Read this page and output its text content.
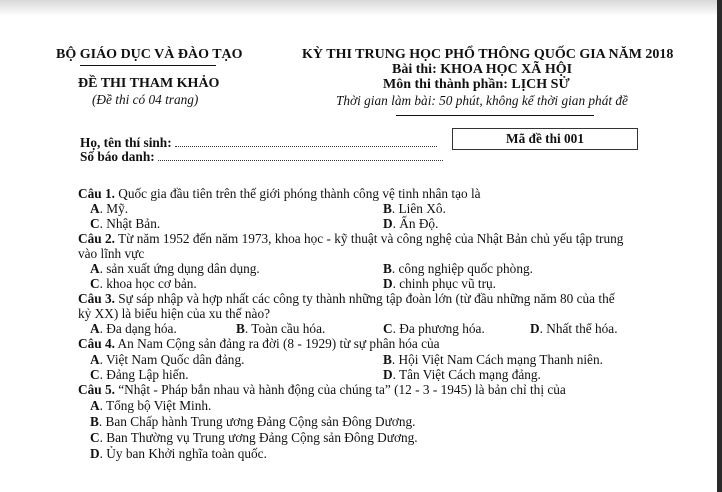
BỘ GIÁO DỤC VÀ ĐÀO TẠO
ĐỀ THI THAM KHẢO
(Đề thi có 04 trang)
KỲ THI TRUNG HỌC PHỔ THÔNG QUỐC GIA NĂM 2018
Bài thi: KHOA HỌC XÃ HỘI
Môn thi thành phần: LỊCH SỬ
Thời gian làm bài: 50 phút, không kể thời gian phát đề
Họ, tên thí sinh:
Số báo danh:
Mã đề thi 001
Câu 1. Quốc gia đầu tiên trên thế giới phóng thành công vệ tinh nhân tạo là
A. Mỹ.	B. Liên Xô.
C. Nhật Bản.	D. Ấn Độ.
Câu 2. Từ năm 1952 đến năm 1973, khoa học - kỹ thuật và công nghệ của Nhật Bản chủ yếu tập trung
vào lĩnh vực
A. sản xuất ứng dụng dân dụng.	B. công nghiệp quốc phòng.
C. khoa học cơ bản.	D. chinh phục vũ trụ.
Câu 3. Sự sáp nhập và hợp nhất các công ty thành những tập đoàn lớn (từ đầu những năm 80 của thế
kỷ XX) là biểu hiện của xu thế nào?
A. Đa dạng hóa.	B. Toàn cầu hóa.	C. Đa phương hóa.	D. Nhất thể hóa.
Câu 4. An Nam Cộng sản đảng ra đời (8 - 1929) từ sự phân hóa của
A. Việt Nam Quốc dân đảng.	B. Hội Việt Nam Cách mạng Thanh niên.
C. Đảng Lập hiến.	D. Tân Việt Cách mạng đảng.
Câu 5. “Nhật - Pháp bắn nhau và hành động của chúng ta” (12 - 3 - 1945) là bản chỉ thị của
A. Tổng bộ Việt Minh.
B. Ban Chấp hành Trung ương Đảng Cộng sản Đông Dương.
C. Ban Thường vụ Trung ương Đảng Cộng sản Đông Dương.
D. Ủy ban Khởi nghĩa toàn quốc.
